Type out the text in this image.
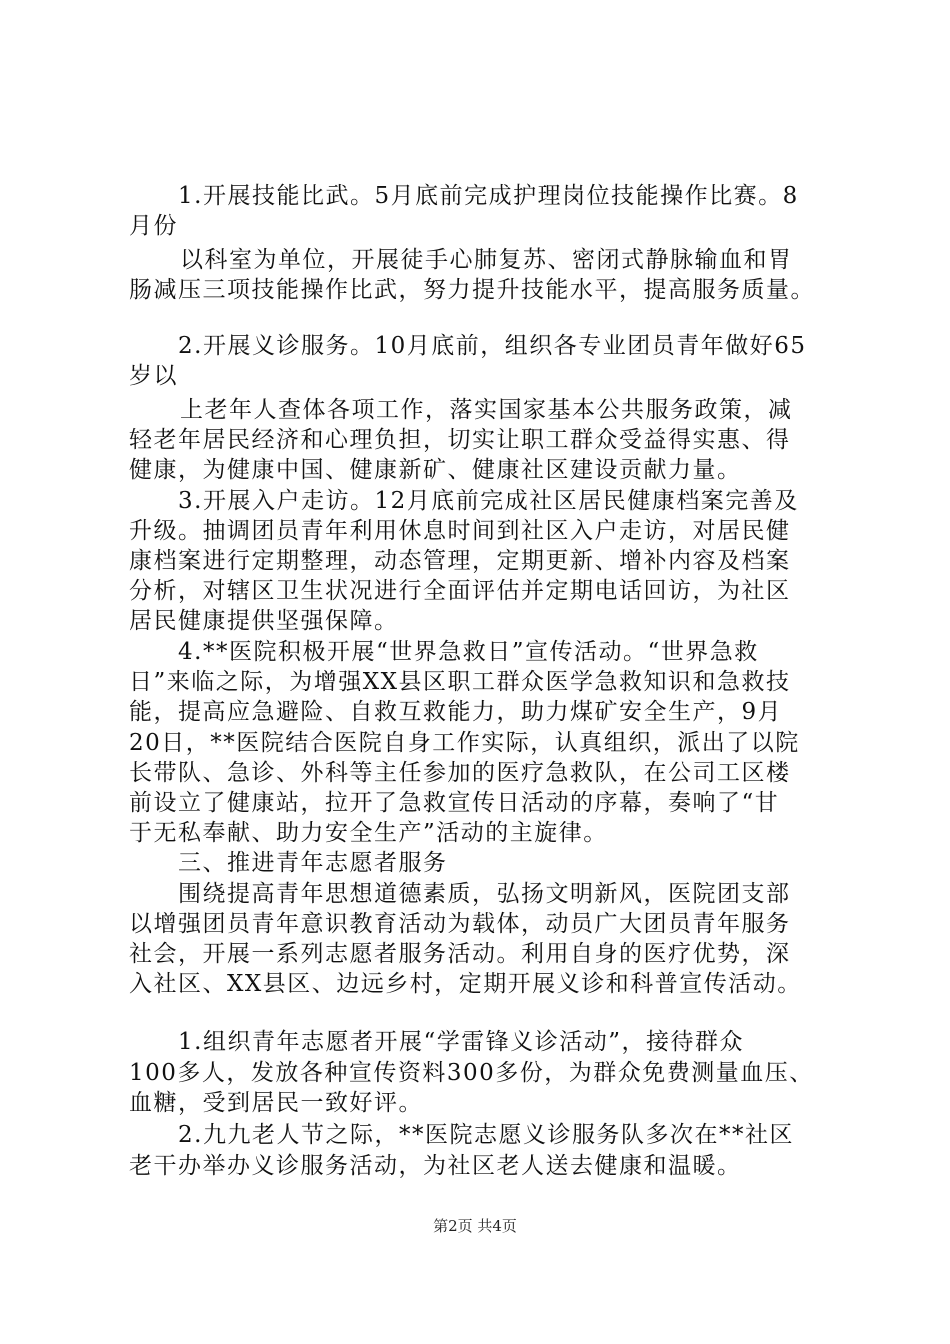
1.开展技能比武。5月底前完成护理岗位技能操作比赛。8
月份
以科室为单位，开展徒手心肺复苏、密闭式静脉输血和胃
肠减压三项技能操作比武，努力提升技能水平，提高服务质量。
2.开展义诊服务。10月底前，组织各专业团员青年做好65
岁以
上老年人查体各项工作，落实国家基本公共服务政策，减
轻老年居民经济和心理负担，切实让职工群众受益得实惠、得
健康，为健康中国、健康新矿、健康社区建设贡献力量。
3.开展入户走访。12月底前完成社区居民健康档案完善及
升级。抽调团员青年利用休息时间到社区入户走访，对居民健
康档案进行定期整理，动态管理，定期更新、增补内容及档案
分析，对辖区卫生状况进行全面评估并定期电话回访，为社区
居民健康提供坚强保障。
4.**医院积极开展“世界急救日”宣传活动。“世界急救
日”来临之际，为增强XX县区职工群众医学急救知识和急救技
能，提高应急避险、自救互救能力，助力煤矿安全生产，9月
20日，**医院结合医院自身工作实际，认真组织，派出了以院
长带队、急诊、外科等主任参加的医疗急救队，在公司工区楼
前设立了健康站，拉开了急救宣传日活动的序幕，奏响了“甘
于无私奉献、助力安全生产”活动的主旋律。
三、推进青年志愿者服务
围绕提高青年思想道德素质，弘扬文明新风，医院团支部
以增强团员青年意识教育活动为载体，动员广大团员青年服务
社会，开展一系列志愿者服务活动。利用自身的医疗优势，深
入社区、XX县区、边远乡村，定期开展义诊和科普宣传活动。
1.组织青年志愿者开展“学雷锋义诊活动”，接待群众
100多人，发放各种宣传资料300多份，为群众免费测量血压、
血糖，受到居民一致好评。
2.九九老人节之际，**医院志愿义诊服务队多次在**社区
老干办举办义诊服务活动，为社区老人送去健康和温暖。
第2页 共4页
